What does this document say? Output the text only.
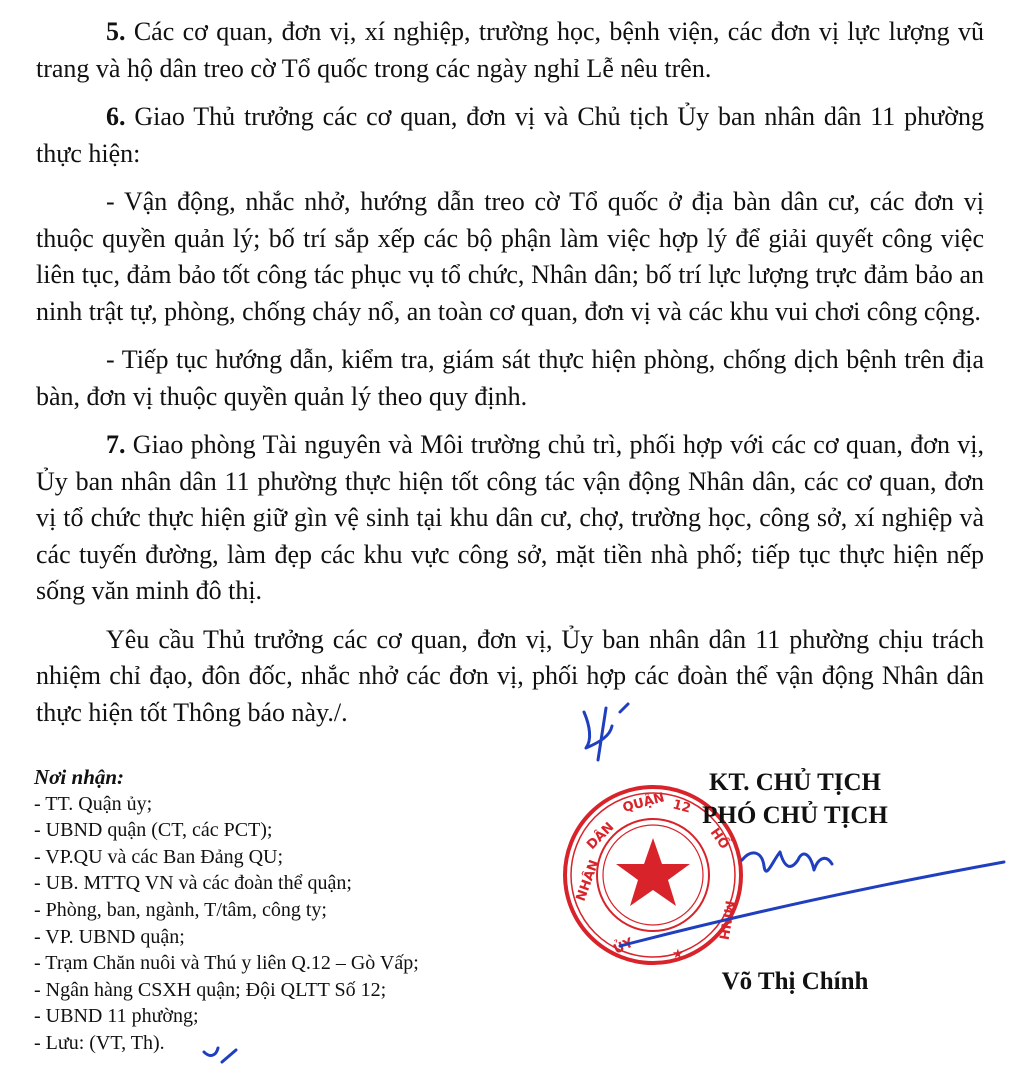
5. Các cơ quan, đơn vị, xí nghiệp, trường học, bệnh viện, các đơn vị lực lượng vũ trang và hộ dân treo cờ Tổ quốc trong các ngày nghỉ Lễ nêu trên.

6. Giao Thủ trưởng các cơ quan, đơn vị và Chủ tịch Ủy ban nhân dân 11 phường thực hiện:

- Vận động, nhắc nhở, hướng dẫn treo cờ Tổ quốc ở địa bàn dân cư, các đơn vị thuộc quyền quản lý; bố trí sắp xếp các bộ phận làm việc hợp lý để giải quyết công việc liên tục, đảm bảo tốt công tác phục vụ tổ chức, Nhân dân; bố trí lực lượng trực đảm bảo an ninh trật tự, phòng, chống cháy nổ, an toàn cơ quan, đơn vị và các khu vui chơi công cộng.

- Tiếp tục hướng dẫn, kiểm tra, giám sát thực hiện phòng, chống dịch bệnh trên địa bàn, đơn vị thuộc quyền quản lý theo quy định.

7. Giao phòng Tài nguyên và Môi trường chủ trì, phối hợp với các cơ quan, đơn vị, Ủy ban nhân dân 11 phường thực hiện tốt công tác vận động Nhân dân, các cơ quan, đơn vị tổ chức thực hiện giữ gìn vệ sinh tại khu dân cư, chợ, trường học, công sở, xí nghiệp và các tuyến đường, làm đẹp các khu vực công sở, mặt tiền nhà phố; tiếp tục thực hiện nếp sống văn minh đô thị.

Yêu cầu Thủ trưởng các cơ quan, đơn vị, Ủy ban nhân dân 11 phường chịu trách nhiệm chỉ đạo, đôn đốc, nhắc nhở các đơn vị, phối hợp các đoàn thể vận động Nhân dân thực hiện tốt Thông báo này./.

Nơi nhận:
- TT. Quận ủy;
- UBND quận (CT, các PCT);
- VP.QU và các Ban Đảng QU;
- UB. MTTQ VN và các đoàn thể quận;
- Phòng, ban, ngành, T/tâm, công ty;
- VP. UBND quận;
- Trạm Chăn nuôi và Thú y liên Q.12 – Gò Vấp;
- Ngân hàng CSXH quận; Đội QLTT Số 12;
- UBND 11 phường;
- Lưu: (VT, Th).
NHÂN
DÂN
QUẬN 12
HỒ
MINH
ỦY	★
KT. CHỦ TỊCH
PHÓ CHỦ TỊCH
Võ Thị Chính
